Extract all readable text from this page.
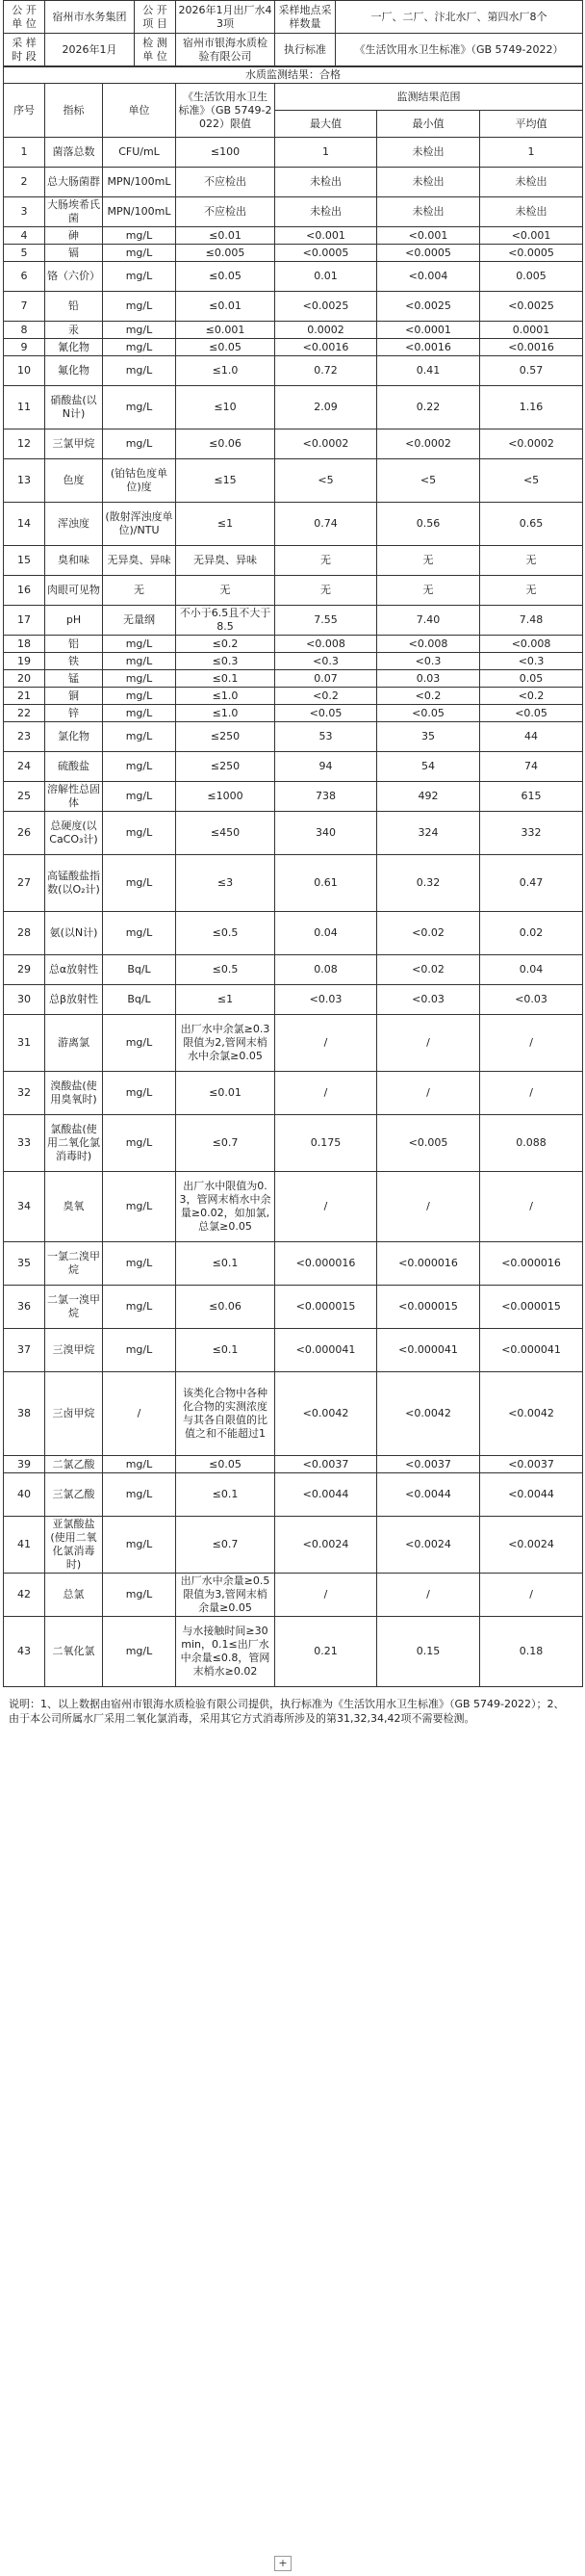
公 开 单 位	宿州市水务集团	公 开 项 目	2026年1月出厂水43项	采样地点采样数量	一厂、二厂、汴北水厂、第四水厂8个
采 样 时 段	2026年1月	检 测 单 位	宿州市银海水质检验有限公司	执行标准	《生活饮用水卫生标准》（GB 5749-2022）
水质监测结果：合格						
序号	指标	单位	《生活饮用水卫生标准》（GB 5749-2022）限值	监测结果范围		
				最大值	最小值	平均值
1	菌落总数	CFU/mL	≤100	1	未检出	1
2	总大肠菌群	MPN/100mL	不应检出	未检出	未检出	未检出
3	大肠埃希氏菌	MPN/100mL	不应检出	未检出	未检出	未检出
4	砷	mg/L	≤0.01	<0.001	<0.001	<0.001
5	镉	mg/L	≤0.005	<0.0005	<0.0005	<0.0005
6	铬（六价）	mg/L	≤0.05	0.01	<0.004	0.005
7	铅	mg/L	≤0.01	<0.0025	<0.0025	<0.0025
8	汞	mg/L	≤0.001	0.0002	<0.0001	0.0001
9	氰化物	mg/L	≤0.05	<0.0016	<0.0016	<0.0016
10	氟化物	mg/L	≤1.0	0.72	0.41	0.57
11	硝酸盐(以N计)	mg/L	≤10	2.09	0.22	1.16
12	三氯甲烷	mg/L	≤0.06	<0.0002	<0.0002	<0.0002
13	色度	(铂钴色度单位)度	≤15	<5	<5	<5
14	浑浊度	(散射浑浊度单位)/NTU	≤1	0.74	0.56	0.65
15	臭和味	无异臭、异味	无异臭、异味	无	无	无
16	肉眼可见物	无	无	无	无	无
17	pH	无量纲	不小于6.5且不大于8.5	7.55	7.40	7.48
18	铝	mg/L	≤0.2	<0.008	<0.008	<0.008
19	铁	mg/L	≤0.3	<0.3	<0.3	<0.3
20	锰	mg/L	≤0.1	0.07	0.03	0.05
21	铜	mg/L	≤1.0	<0.2	<0.2	<0.2
22	锌	mg/L	≤1.0	<0.05	<0.05	<0.05
23	氯化物	mg/L	≤250	53	35	44
24	硫酸盐	mg/L	≤250	94	54	74
25	溶解性总固体	mg/L	≤1000	738	492	615
26	总硬度(以CaCO₃计)	mg/L	≤450	340	324	332
27	高锰酸盐指数(以O₂计)	mg/L	≤3	0.61	0.32	0.47
28	氨(以N计)	mg/L	≤0.5	0.04	<0.02	0.02
29	总α放射性	Bq/L	≤0.5	0.08	<0.02	0.04
30	总β放射性	Bq/L	≤1	<0.03	<0.03	<0.03
31	游离氯	mg/L	出厂水中余氯≥0.3限值为2,管网末梢水中余氯≥0.05	/	/	/
32	溴酸盐(使用臭氧时)	mg/L	≤0.01	/	/	/
33	氯酸盐(使用二氧化氯消毒时)	mg/L	≤0.7	0.175	<0.005	0.088
34	臭氧	mg/L	出厂水中限值为0.3，管网末梢水中余量≥0.02，如加氯,总氯≥0.05	/	/	/
35	一氯二溴甲烷	mg/L	≤0.1	<0.000016	<0.000016	<0.000016
36	二氯一溴甲烷	mg/L	≤0.06	<0.000015	<0.000015	<0.000015
37	三溴甲烷	mg/L	≤0.1	<0.000041	<0.000041	<0.000041
38	三卤甲烷	/	该类化合物中各种化合物的实测浓度与其各自限值的比值之和不能超过1	<0.0042	<0.0042	<0.0042
39	二氯乙酸	mg/L	≤0.05	<0.0037	<0.0037	<0.0037
40	三氯乙酸	mg/L	≤0.1	<0.0044	<0.0044	<0.0044
41	亚氯酸盐(使用二氧化氯消毒时)	mg/L	≤0.7	<0.0024	<0.0024	<0.0024
42	总氯	mg/L	出厂水中余量≥0.5限值为3,管网末梢余量≥0.05	/	/	/
43	二氧化氯	mg/L	与水接触时间≥30min，0.1≤出厂水中余量≤0.8，管网末梢水≥0.02	0.21	0.15	0.18
说明：1、以上数据由宿州市银海水质检验有限公司提供，执行标准为《生活饮用水卫生标准》（GB 5749-2022）；2、由于本公司所属水厂采用二氧化氯消毒，采用其它方式消毒所涉及的第31,32,34,42项不需要检测。
+
